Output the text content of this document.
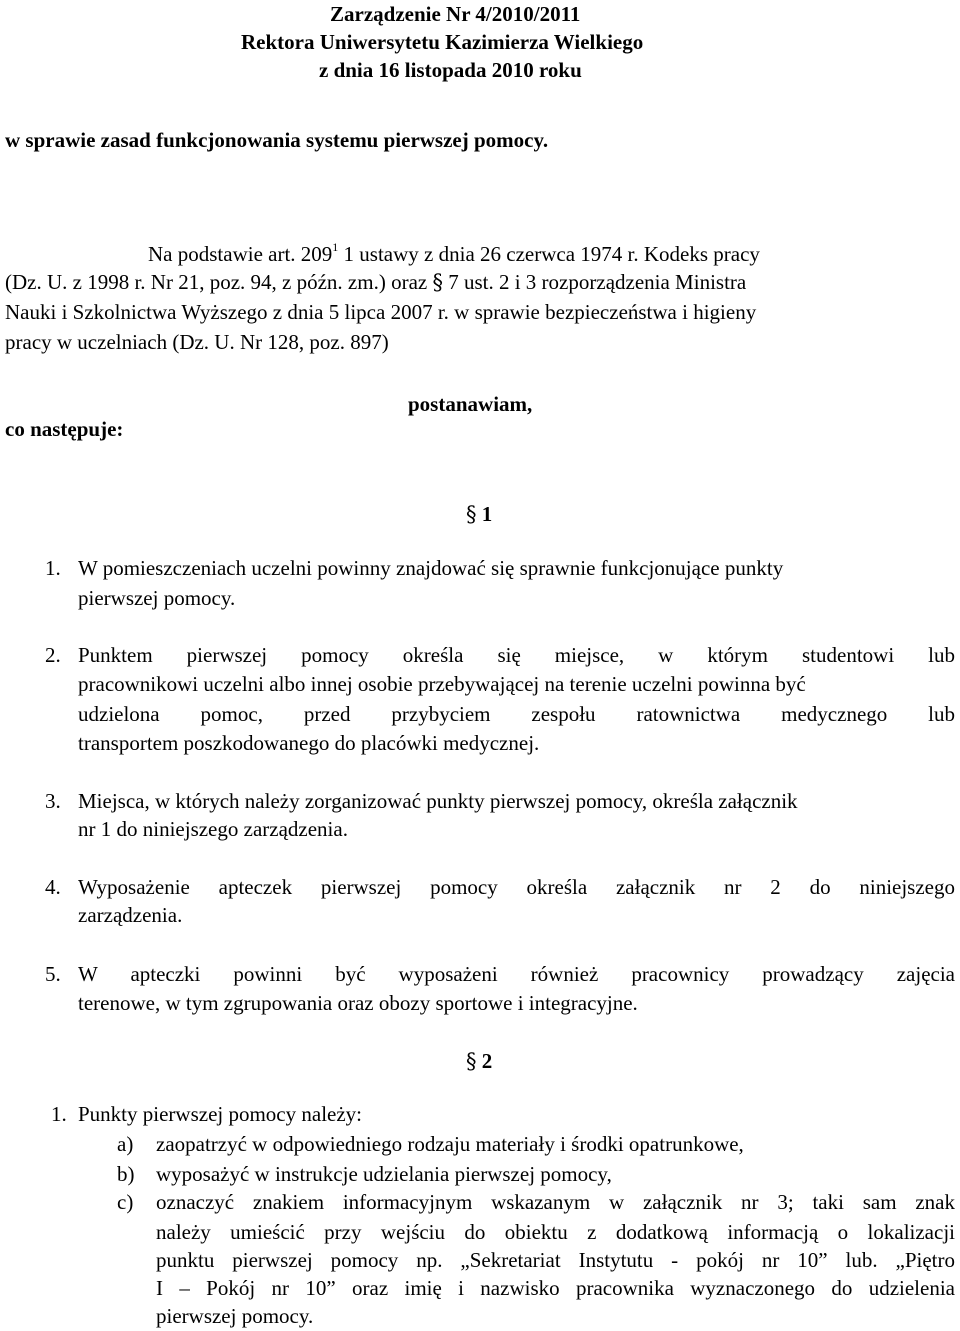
Zarządzenie Nr 4/2010/2011
Rektora Uniwersytetu Kazimierza Wielkiego
z dnia 16 listopada 2010 roku
w sprawie zasad funkcjonowania systemu pierwszej pomocy.
Na podstawie art. $209^1$ 1 ustawy z dnia 26 czerwca 1974 r. Kodeks pracy
(Dz. U. z 1998 r. Nr 21, poz. 94, z późn. zm.) oraz § 7 ust. 2 i 3 rozporządzenia Ministra
Nauki i Szkolnictwa Wyższego z dnia 5 lipca 2007 r. w sprawie bezpieczeństwa i higieny
pracy w uczelniach (Dz. U. Nr 128, poz. 897)
postanawiam,
co następuje:
§ 1
1. W pomieszczeniach uczelni powinny znajdować się sprawnie funkcjonujące punkty
pierwszej pomocy.
2. Punktem pierwszej pomocy określa się miejsce, w którym studentowi lub
pracownikowi uczelni albo innej osobie przebywającej na terenie uczelni powinna być
udzielona pomoc, przed przybyciem zespołu ratownictwa medycznego lub
transportem poszkodowanego do placówki medycznej.
3. Miejsca, w których należy zorganizować punkty pierwszej pomocy, określa załącznik
nr 1 do niniejszego zarządzenia.
4. Wyposażenie apteczek pierwszej pomocy określa załącznik nr 2 do niniejszego
zarządzenia.
5. W apteczki powinni być wyposażeni również pracownicy prowadzący zajęcia
terenowe, w tym zgrupowania oraz obozy sportowe i integracyjne.
§ 2
1. Punkty pierwszej pomocy należy:
a) zaopatrzyć w odpowiedniego rodzaju materiały i środki opatrunkowe,
b) wyposażyć w instrukcje udzielania pierwszej pomocy,
c) oznaczyć znakiem informacyjnym wskazanym w załącznik nr 3; taki sam znak
należy umieścić przy wejściu do obiektu z dodatkową informacją o lokalizacji
punktu pierwszej pomocy np. „Sekretariat Instytutu - pokój nr 10” lub. „Piętro
I – Pokój nr 10” oraz imię i nazwisko pracownika wyznaczonego do udzielenia
pierwszej pomocy.
